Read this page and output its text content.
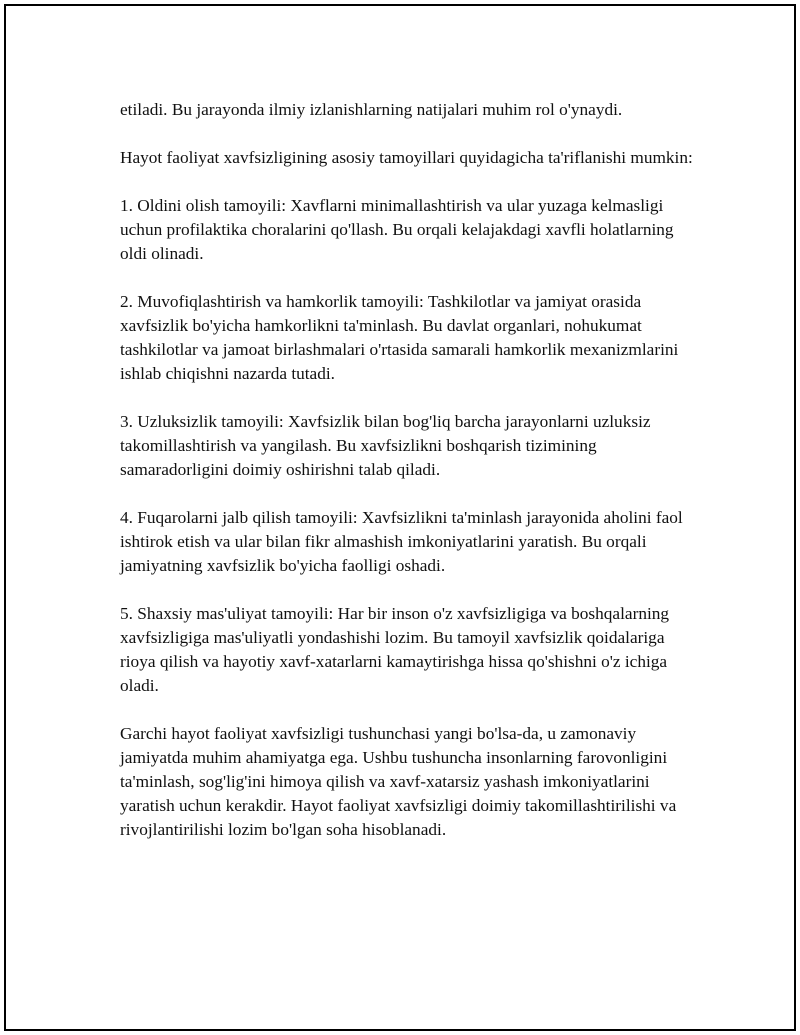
etiladi. Bu jarayonda ilmiy izlanishlarning natijalari muhim rol o'ynaydi.

Hayot faoliyat xavfsizligining asosiy tamoyillari quyidagicha ta'riflanishi mumkin:

1. Oldini olish tamoyili: Xavflarni minimallashtirish va ular yuzaga kelmasligi uchun profilaktika choralarini qo'llash. Bu orqali kelajakdagi xavfli holatlarning oldi olinadi.

2. Muvofiqlashtirish va hamkorlik tamoyili: Tashkilotlar va jamiyat orasida xavfsizlik bo'yicha hamkorlikni ta'minlash. Bu davlat organlari, nohukumat tashkilotlar va jamoat birlashmalari o'rtasida samarali hamkorlik mexanizmlarini ishlab chiqishni nazarda tutadi.

3. Uzluksizlik tamoyili: Xavfsizlik bilan bog'liq barcha jarayonlarni uzluksiz takomillashtirish va yangilash. Bu xavfsizlikni boshqarish tizimining samaradorligini doimiy oshirishni talab qiladi.

4. Fuqarolarni jalb qilish tamoyili: Xavfsizlikni ta'minlash jarayonida aholini faol ishtirok etish va ular bilan fikr almashish imkoniyatlarini yaratish. Bu orqali jamiyatning xavfsizlik bo'yicha faolligi oshadi.

5. Shaxsiy mas'uliyat tamoyili: Har bir inson o'z xavfsizligiga va boshqalarning xavfsizligiga mas'uliyatli yondashishi lozim. Bu tamoyil xavfsizlik qoidalariga rioya qilish va hayotiy xavf-xatarlarni kamaytirishga hissa qo'shishni o'z ichiga oladi.

Garchi hayot faoliyat xavfsizligi tushunchasi yangi bo'lsa-da, u zamonaviy jamiyatda muhim ahamiyatga ega. Ushbu tushuncha insonlarning farovonligini ta'minlash, sog'lig'ini himoya qilish va xavf-xatarsiz yashash imkoniyatlarini yaratish uchun kerakdir. Hayot faoliyat xavfsizligi doimiy takomillashtirilishi va rivojlantirilishi lozim bo'lgan soha hisoblanadi.
